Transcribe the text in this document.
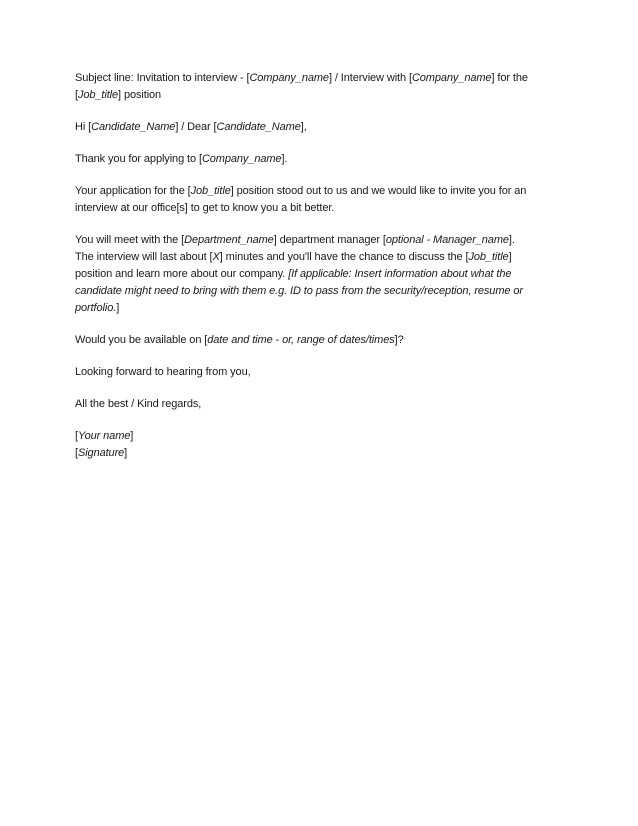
Subject line: Invitation to interview - [Company_name] / Interview with [Company_name] for the
[Job_title] position

Hi [Candidate_Name] / Dear [Candidate_Name],

Thank you for applying to [Company_name].

Your application for the [Job_title] position stood out to us and we would like to invite you for an
interview at our office[s] to get to know you a bit better.

You will meet with the [Department_name] department manager [optional - Manager_name].
The interview will last about [X] minutes and you'll have the chance to discuss the [Job_title]
position and learn more about our company. [If applicable: Insert information about what the
candidate might need to bring with them e.g. ID to pass from the security/reception, resume or
portfolio.]

Would you be available on [date and time - or, range of dates/times]?

Looking forward to hearing from you,

All the best / Kind regards,

[Your name]
[Signature]
